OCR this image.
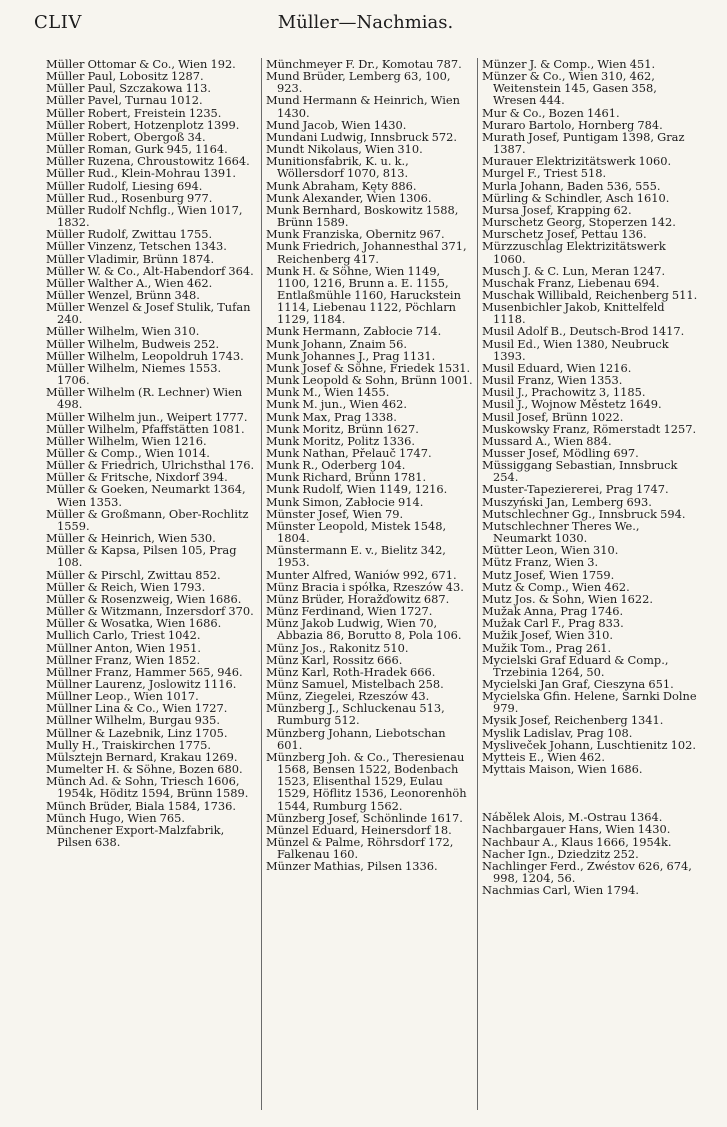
CLIV	Müller—Nachmias.
Müller Ottomar & Co., Wien 192.
Müller Paul, Lobositz 1287.
Müller Paul, Szczakowa 113.
Müller Pavel, Turnau 1012.
Müller Robert, Freistein 1235.
Müller Robert, Hotzenplotz 1399.
Müller Robert, Obergoß 34.
Müller Roman, Gurk 945, 1164.
Müller Ruzena, Chroustowitz 1664.
Müller Rud., Klein-Mohrau 1391.
Müller Rudolf, Liesing 694.
Müller Rud., Rosenburg 977.
Müller Rudolf Nchflg., Wien 1017, 1832.
Müller Rudolf, Zwittau 1755.
Müller Vinzenz, Tetschen 1343.
Müller Vladimir, Brünn 1874.
Müller W. & Co., Alt-Habendorf 364.
Müller Walther A., Wien 462.
Müller Wenzel, Brünn 348.
Müller Wenzel & Josef Stulik, Tufan 240.
Müller Wilhelm, Wien 310.
Müller Wilhelm, Budweis 252.
Müller Wilhelm, Leopoldruh 1743.
Müller Wilhelm, Niemes 1553. 1706.
Müller Wilhelm (R. Lechner) Wien 498.
Müller Wilhelm jun., Weipert 1777.
Müller Wilhelm, Pfaffstätten 1081.
Müller Wilhelm, Wien 1216.
Müller & Comp., Wien 1014.
Müller & Friedrich, Ulrichsthal 176.
Müller & Fritsche, Nixdorf 394.
Müller & Goeken, Neumarkt 1364, Wien 1353.
Müller & Großmann, Ober-Rochlitz 1559.
Müller & Heinrich, Wien 530.
Müller & Kapsa, Pilsen 105, Prag 108.
Müller & Pirschl, Zwittau 852.
Müller & Reich, Wien 1793.
Müller & Rosenzweig, Wien 1686.
Müller & Witzmann, Inzersdorf 370.
Müller & Wosatka, Wien 1686.
Mullich Carlo, Triest 1042.
Müllner Anton, Wien 1951.
Müllner Franz, Wien 1852.
Müllner Franz, Hammer 565, 946.
Müllner Laurenz, Joslowitz 1116.
Müllner Leop., Wien 1017.
Müllner Lina & Co., Wien 1727.
Müllner Wilhelm, Burgau 935.
Müllner & Lazebnik, Linz 1705.
Mully H., Traiskirchen 1775.
Mülsztejn Bernard, Krakau 1269.
Mumelter H. & Söhne, Bozen 680.
Münch Ad. & Sohn, Triesch 1606, 1954k, Höditz 1594, Brünn 1589.
Münch Brüder, Biala 1584, 1736.
Münch Hugo, Wien 765.
Münchener Export-Malzfabrik, Pilsen 638.
Münchmeyer F. Dr., Komotau 787.
Mund Brüder, Lemberg 63, 100, 923.
Mund Hermann & Heinrich, Wien 1430.
Mund Jacob, Wien 1430.
Mundani Ludwig, Innsbruck 572.
Mundt Nikolaus, Wien 310.
Munitionsfabrik, K. u. k., Wöllersdorf 1070, 813.
Munk Abraham, Kęty 886.
Munk Alexander, Wien 1306.
Munk Bernhard, Boskowitz 1588, Brünn 1589.
Munk Franziska, Obernitz 967.
Munk Friedrich, Johannesthal 371, Reichenberg 417.
Munk H. & Söhne, Wien 1149, 1100, 1216, Brunn a. E. 1155, Entlaßmühle 1160, Haruckstein 1114, Liebenau 1122, Pöchlarn 1129, 1184.
Munk Hermann, Zabłocie 714.
Munk Johann, Znaim 56.
Munk Johannes J., Prag 1131.
Munk Josef & Söhne, Friedek 1531.
Munk Leopold & Sohn, Brünn 1001.
Munk M., Wien 1455.
Munk M. jun., Wien 462.
Munk Max, Prag 1338.
Munk Moritz, Brünn 1627.
Munk Moritz, Politz 1336.
Munk Nathan, Přelauč 1747.
Munk R., Oderberg 104.
Munk Richard, Brünn 1781.
Munk Rudolf, Wien 1149, 1216.
Munk Simon, Zabłocie 914.
Münster Josef, Wien 79.
Münster Leopold, Mistek 1548, 1804.
Münstermann E. v., Bielitz 342, 1953.
Munter Alfred, Waniów 992, 671.
Münz Bracia i spółka, Rzeszów 43.
Münz Brüder, Horažďowitz 687.
Münz Ferdinand, Wien 1727.
Münz Jakob Ludwig, Wien 70, Abbazia 86, Borutto 8, Pola 106.
Münz Jos., Rakonitz 510.
Münz Karl, Rossitz 666.
Münz Karl, Roth-Hradek 666.
Münz Samuel, Mistelbach 258.
Münz, Ziegelei, Rzeszów 43.
Münzberg J., Schluckenau 513, Rumburg 512.
Münzberg Johann, Liebotschan 601.
Münzberg Joh. & Co., Theresienau 1568, Bensen 1522, Bodenbach 1523, Elisenthal 1529, Eulau 1529, Höflitz 1536, Leonorenhöh 1544, Rumburg 1562.
Münzberg Josef, Schönlinde 1617.
Münzel Eduard, Heinersdorf 18.
Münzel & Palme, Röhrsdorf 172, Falkenau 160.
Münzer Mathias, Pilsen 1336.
Münzer J. & Comp., Wien 451.
Münzer & Co., Wien 310, 462, Weitenstein 145, Gasen 358, Wresen 444.
Mur & Co., Bozen 1461.
Muraro Bartolo, Hornberg 784.
Murath Josef, Puntigam 1398, Graz 1387.
Murauer Elektrizitätswerk 1060.
Murgel F., Triest 518.
Murla Johann, Baden 536, 555.
Mürling & Schindler, Asch 1610.
Mursa Josef, Krapping 62.
Murschetz Georg, Stoperzen 142.
Murschetz Josef, Pettau 136.
Mürzzuschlag Elektrizitätswerk 1060.
Musch J. & C. Lun, Meran 1247.
Muschak Franz, Liebenau 694.
Muschak Willibald, Reichenberg 511.
Musenbichler Jakob, Knittelfeld 1118.
Musil Adolf B., Deutsch-Brod 1417.
Musil Ed., Wien 1380, Neubruck 1393.
Musil Eduard, Wien 1216.
Musil Franz, Wien 1353.
Musil J., Prachowitz 3, 1185.
Musil J., Wojnow Městetz 1649.
Musil Josef, Brünn 1022.
Muskowsky Franz, Römerstadt 1257.
Mussard A., Wien 884.
Musser Josef, Mödling 697.
Müssiggang Sebastian, Innsbruck 254.
Muster-Tapeziererei, Prag 1747.
Muszyński Jan, Lemberg 693.
Mutschlechner Gg., Innsbruck 594.
Mutschlechner Theres We., Neumarkt 1030.
Mütter Leon, Wien 310.
Mütz Franz, Wien 3.
Mutz Josef, Wien 1759.
Mutz & Comp., Wien 462.
Mutz Jos. & Sohn, Wien 1622.
Mužak Anna, Prag 1746.
Mužak Carl F., Prag 833.
Mužik Josef, Wien 310.
Mužik Tom., Prag 261.
Mycielski Graf Eduard & Comp., Trzebinia 1264, 50.
Mycielski Jan Graf, Cieszyna 651.
Mycielska Gfin. Helene, Sarnki Dolne 979.
Mysik Josef, Reichenberg 1341.
Myslik Ladislav, Prag 108.
Mysliveček Johann, Luschtienitz 102.
Mytteis E., Wien 462.
Myttais Maison, Wien 1686.
Nábělek Alois, M.-Ostrau 1364.
Nachbargauer Hans, Wien 1430.
Nachbaur A., Klaus 1666, 1954k.
Nacher Ign., Dziedzitz 252.
Nachlinger Ferd., Zwéstov 626, 674, 998, 1204, 56.
Nachmias Carl, Wien 1794.
